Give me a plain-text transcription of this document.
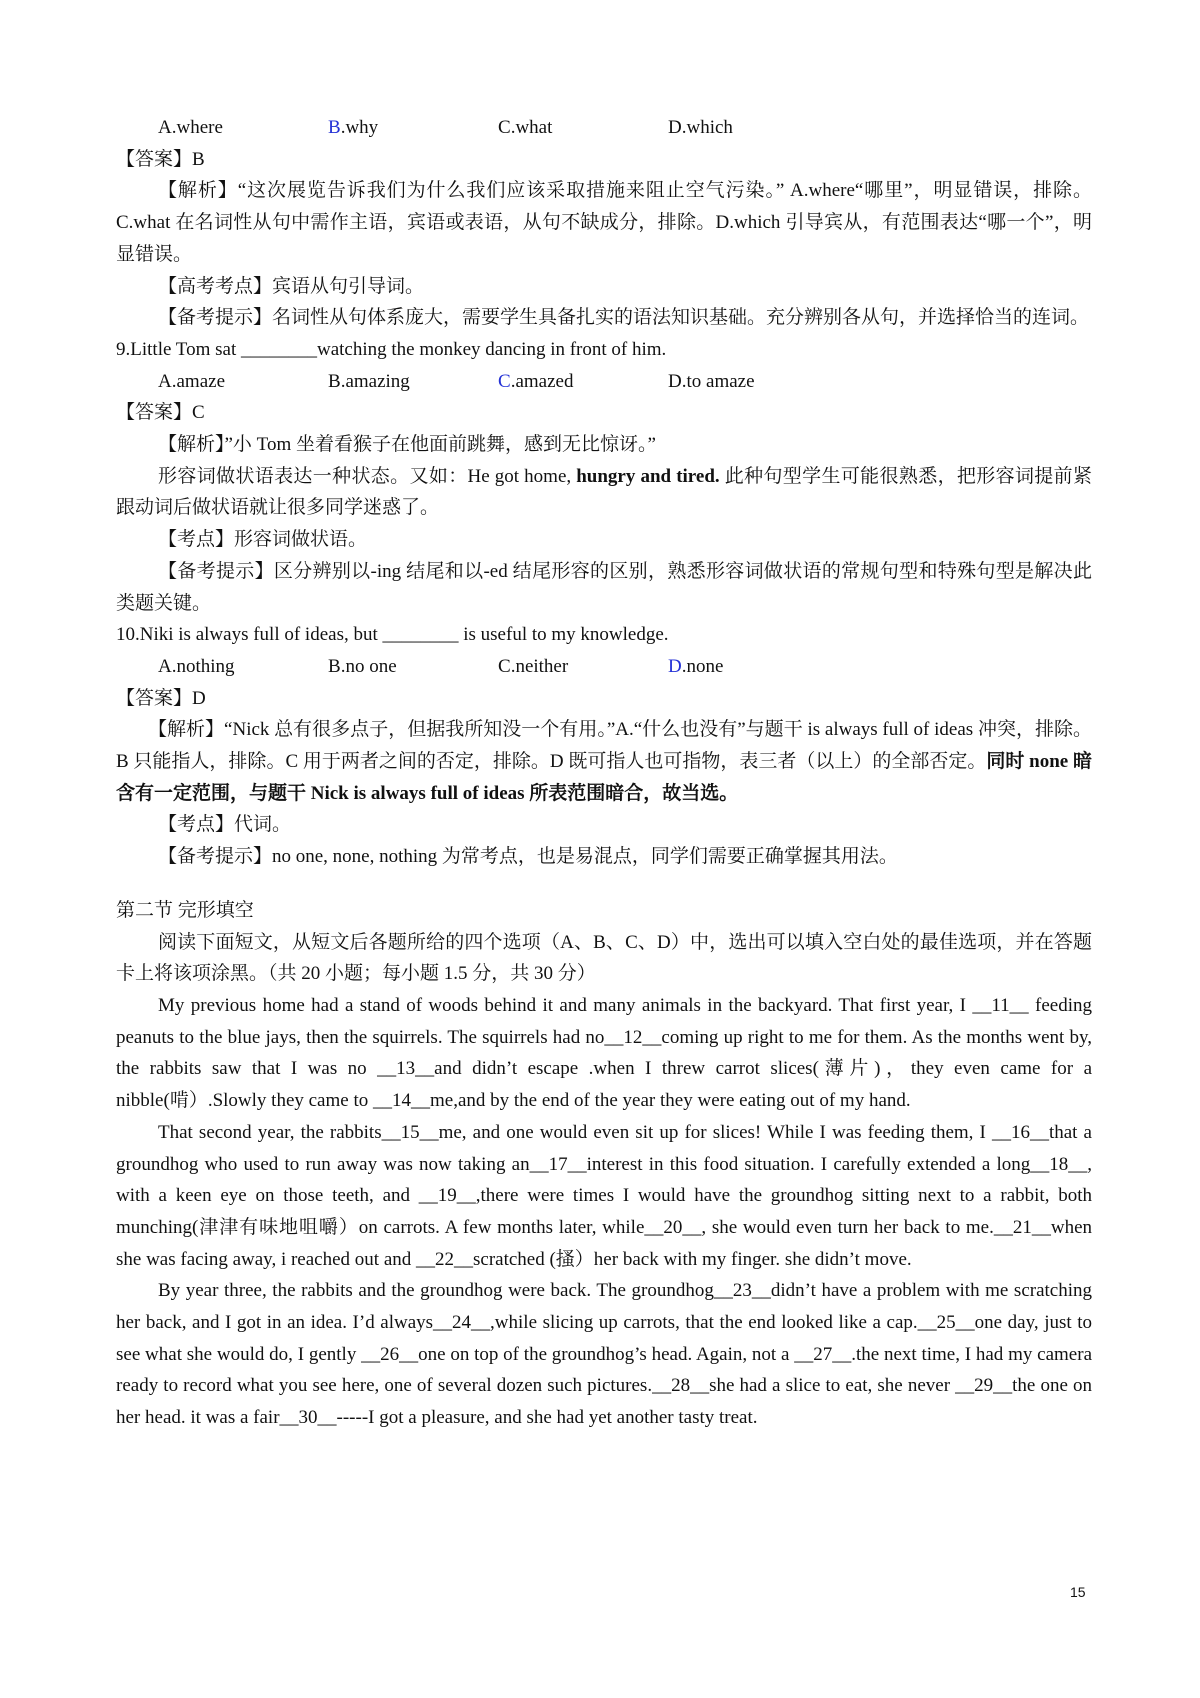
A.where	B.why	C.what	D.which
【答案】B
【解析】“这次展览告诉我们为什么我们应该采取措施来阻止空气污染。” A.where“哪里”，明显错误，排除。C.what 在名词性从句中需作主语，宾语或表语，从句不缺成分，排除。D.which 引导宾从，有范围表达“哪一个”，明显错误。
【高考考点】宾语从句引导词。
【备考提示】名词性从句体系庞大，需要学生具备扎实的语法知识基础。充分辨别各从句，并选择恰当的连词。
9.Little Tom sat ________watching the monkey dancing in front of him.
A.amaze	B.amazing	C.amazed	D.to amaze
【答案】C
【解析】”小 Tom 坐着看猴子在他面前跳舞，感到无比惊讶。”
形容词做状语表达一种状态。又如：He got home, hungry and tired. 此种句型学生可能很熟悉，把形容词提前紧跟动词后做状语就让很多同学迷惑了。
【考点】形容词做状语。
【备考提示】区分辨别以-ing 结尾和以-ed 结尾形容的区别，熟悉形容词做状语的常规句型和特殊句型是解决此类题关键。
10.Niki is always full of ideas, but ________ is useful to my knowledge.
A.nothing	B.no one	C.neither	D.none
【答案】D
【解析】“Nick 总有很多点子，但据我所知没一个有用。”A.“什么也没有”与题干 is always full of ideas 冲突，排除。B 只能指人，排除。C 用于两者之间的否定，排除。D 既可指人也可指物，表三者（以上）的全部否定。同时 none 暗含有一定范围，与题干 Nick is always full of ideas 所表范围暗合，故当选。
【考点】代词。
【备考提示】no one, none, nothing 为常考点，也是易混点，同学们需要正确掌握其用法。
第二节 完形填空
阅读下面短文，从短文后各题所给的四个选项（A、B、C、D）中，选出可以填入空白处的最佳选项，并在答题卡上将该项涂黑。（共 20 小题；每小题 1.5 分，共 30 分）
My previous home had a stand of woods behind it and many animals in the backyard. That first year, I __11__ feeding peanuts to the blue jays, then the squirrels. The squirrels had no__12__coming up right to me for them. As the months went by, the rabbits saw that I was no __13__and didn’t escape .when I threw carrot slices(薄片)，they even came for a nibble(啃）.Slowly they came to __14__me,and by the end of the year they were eating out of my hand.
That second year, the rabbits__15__me, and one would even sit up for slices! While I was feeding them, I __16__that a groundhog who used to run away was now taking an__17__interest in this food situation. I carefully extended a long__18__, with a keen eye on those teeth, and __19__,there were times I would have the groundhog sitting next to a rabbit, both munching(津津有味地咀嚼）on carrots. A few months later, while__20__, she would even turn her back to me.__21__when she was facing away, i reached out and __22__scratched (搔）her back with my finger. she didn’t move.
By year three, the rabbits and the groundhog were back. The groundhog__23__didn’t have a problem with me scratching her back, and I got in an idea. I’d always__24__,while slicing up carrots, that the end looked like a cap.__25__one day, just to see what she would do, I gently __26__one on top of the groundhog’s head. Again, not a __27__.the next time, I had my camera ready to record what you see here, one of several dozen such pictures.__28__she had a slice to eat, she never __29__the one on her head. it was a fair__30__-----I got a pleasure, and she had yet another tasty treat.
15
